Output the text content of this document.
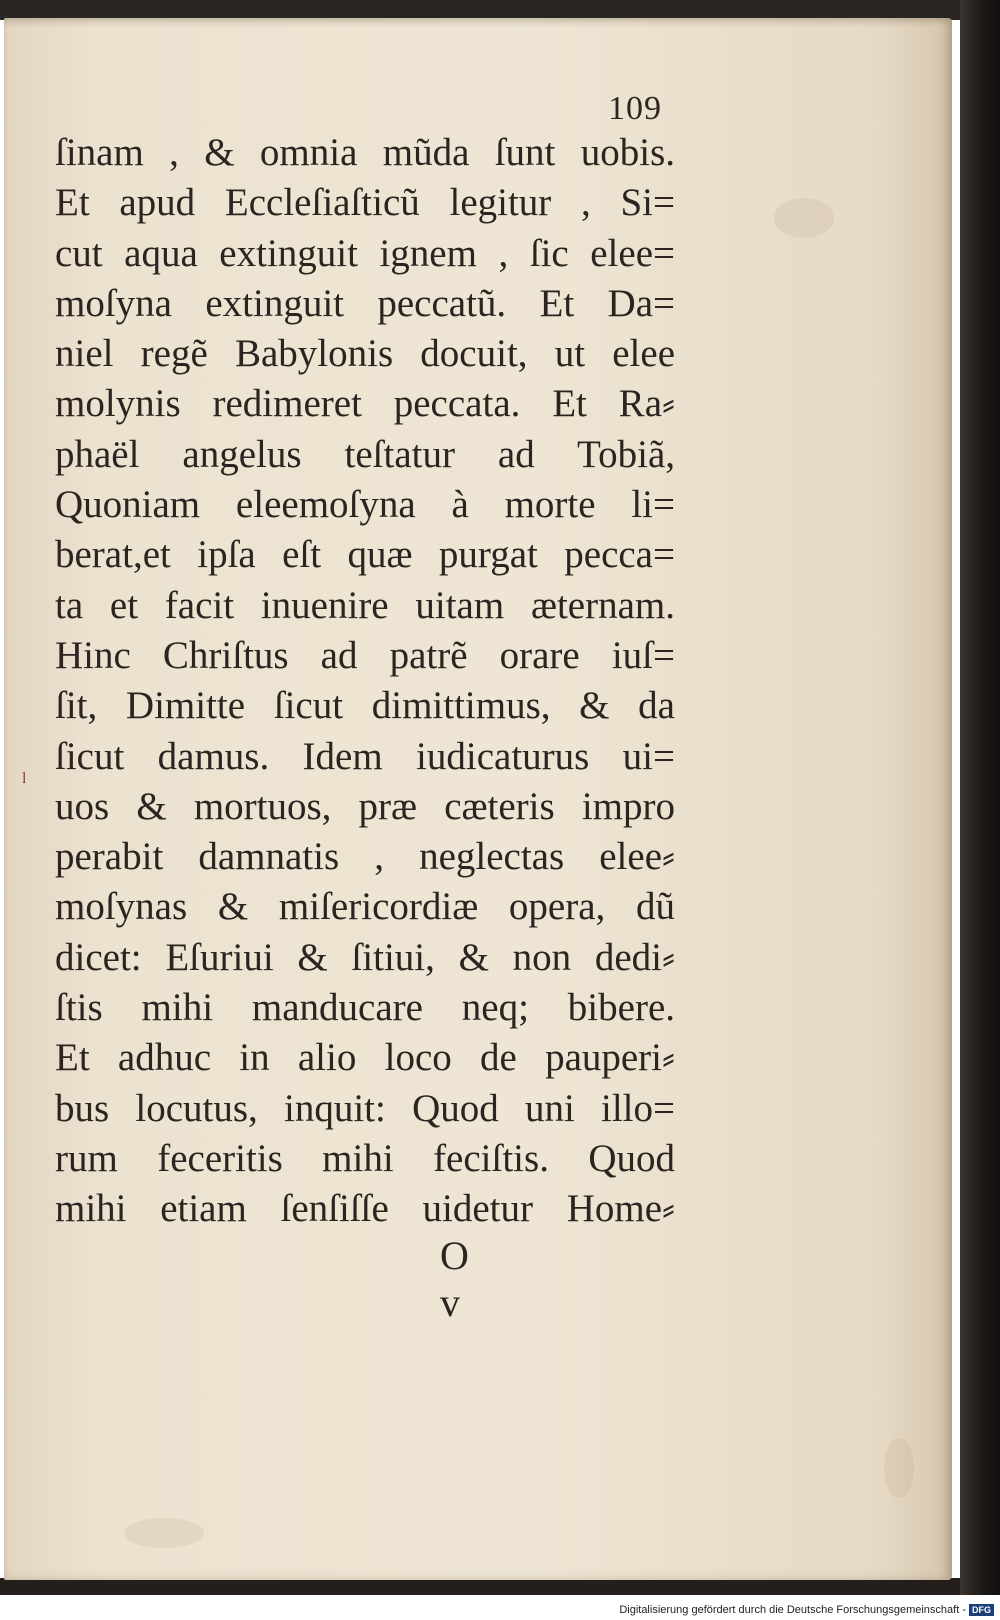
l
109
ſinam , & omnia mũda ſunt uobis.
Et apud Eccleſiaſticũ legitur , Si=
cut aqua extinguit ignem , ſic elee=
moſyna extinguit peccatũ. Et Da=
niel regẽ Babylonis docuit, ut elee
molynis redimeret peccata. Et Ra⸗
phaël angelus teſtatur ad Tobiã,
Quoniam eleemoſyna à morte li=
berat,et ipſa eſt quæ purgat pecca=
ta et facit inuenire uitam æternam.
Hinc Chriſtus ad patrẽ orare iuſ=
ſit, Dimitte ſicut dimittimus, & da
ſicut damus. Idem iudicaturus ui=
uos & mortuos, præ cæteris impro
perabit damnatis , neglectas elee⸗
moſynas & miſericordiæ opera, dũ
dicet: Eſuriui & ſitiui, & non dedi⸗
ſtis mihi manducare neq; bibere.
Et adhuc in alio loco de pauperi⸗
bus locutus, inquit: Quod uni illo=
rum feceritis mihi feciſtis. Quod
mihi etiam ſenſiſſe uidetur Home⸗
O v
Digitalisierung gefördert durch die Deutsche Forschungsgemeinschaft - DFG
